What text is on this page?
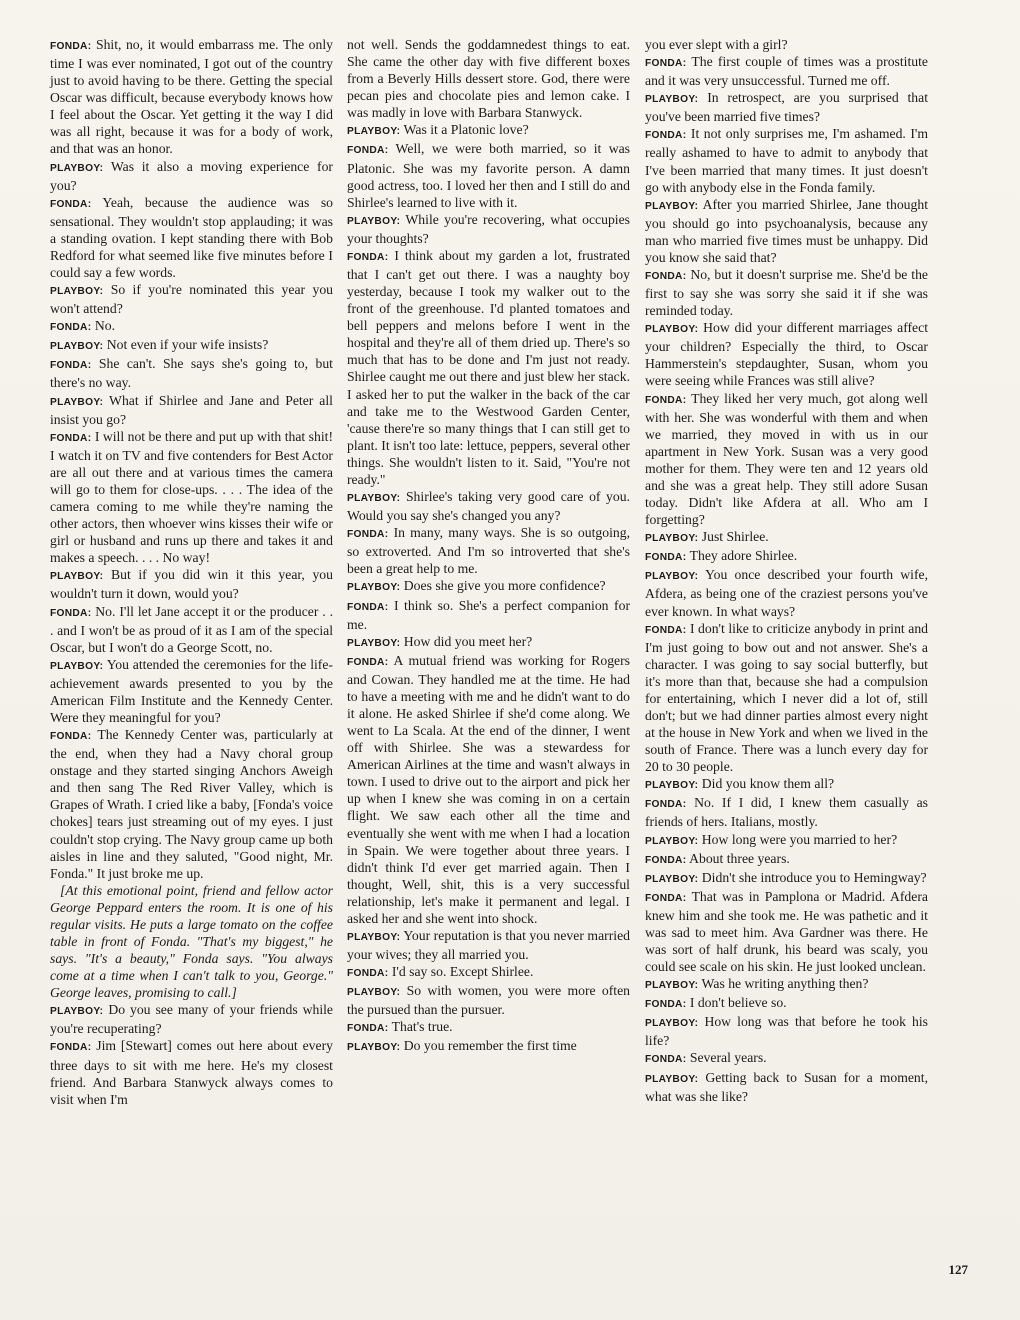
FONDA: Shit, no, it would embarrass me. The only time I was ever nominated, I got out of the country just to avoid having to be there. Getting the special Oscar was difficult, because everybody knows how I feel about the Oscar. Yet getting it the way I did was all right, because it was for a body of work, and that was an honor.

PLAYBOY: Was it also a moving experience for you?

FONDA: Yeah, because the audience was so sensational. They wouldn't stop applauding; it was a standing ovation. I kept standing there with Bob Redford for what seemed like five minutes before I could say a few words.

PLAYBOY: So if you're nominated this year you won't attend?

FONDA: No.

PLAYBOY: Not even if your wife insists?

FONDA: She can't. She says she's going to, but there's no way.

PLAYBOY: What if Shirlee and Jane and Peter all insist you go?

FONDA: I will not be there and put up with that shit! I watch it on TV and five contenders for Best Actor are all out there and at various times the camera will go to them for close-ups. . . . The idea of the camera coming to me while they're naming the other actors, then whoever wins kisses their wife or girl or husband and runs up there and takes it and makes a speech. . . . No way!

PLAYBOY: But if you did win it this year, you wouldn't turn it down, would you?

FONDA: No. I'll let Jane accept it or the producer . . . and I won't be as proud of it as I am of the special Oscar, but I won't do a George Scott, no.

PLAYBOY: You attended the ceremonies for the life-achievement awards presented to you by the American Film Institute and the Kennedy Center. Were they meaningful for you?

FONDA: The Kennedy Center was, particularly at the end, when they had a Navy choral group onstage and they started singing Anchors Aweigh and then sang The Red River Valley, which is Grapes of Wrath. I cried like a baby, [Fonda's voice chokes] tears just streaming out of my eyes. I just couldn't stop crying. The Navy group came up both aisles in line and they saluted, "Good night, Mr. Fonda." It just broke me up.

[At this emotional point, friend and fellow actor George Peppard enters the room. It is one of his regular visits. He puts a large tomato on the coffee table in front of Fonda. "That's my biggest," he says. "It's a beauty," Fonda says. "You always come at a time when I can't talk to you, George." George leaves, promising to call.]

PLAYBOY: Do you see many of your friends while you're recuperating?

FONDA: Jim [Stewart] comes out here about every three days to sit with me here. He's my closest friend. And Barbara Stanwyck always comes to visit when I'm

not well. Sends the goddamnedest things to eat. She came the other day with five different boxes from a Beverly Hills dessert store. God, there were pecan pies and chocolate pies and lemon cake. I was madly in love with Barbara Stanwyck.

PLAYBOY: Was it a Platonic love?

FONDA: Well, we were both married, so it was Platonic. She was my favorite person. A damn good actress, too. I loved her then and I still do and Shirlee's learned to live with it.

PLAYBOY: While you're recovering, what occupies your thoughts?

FONDA: I think about my garden a lot, frustrated that I can't get out there. I was a naughty boy yesterday, because I took my walker out to the front of the greenhouse. I'd planted tomatoes and bell peppers and melons before I went in the hospital and they're all of them dried up. There's so much that has to be done and I'm just not ready. Shirlee caught me out there and just blew her stack. I asked her to put the walker in the back of the car and take me to the Westwood Garden Center, 'cause there're so many things that I can still get to plant. It isn't too late: lettuce, peppers, several other things. She wouldn't listen to it. Said, "You're not ready."

PLAYBOY: Shirlee's taking very good care of you. Would you say she's changed you any?

FONDA: In many, many ways. She is so outgoing, so extroverted. And I'm so introverted that she's been a great help to me.

PLAYBOY: Does she give you more confidence?

FONDA: I think so. She's a perfect companion for me.

PLAYBOY: How did you meet her?

FONDA: A mutual friend was working for Rogers and Cowan. They handled me at the time. He had to have a meeting with me and he didn't want to do it alone. He asked Shirlee if she'd come along. We went to La Scala. At the end of the dinner, I went off with Shirlee. She was a stewardess for American Airlines at the time and wasn't always in town. I used to drive out to the airport and pick her up when I knew she was coming in on a certain flight. We saw each other all the time and eventually she went with me when I had a location in Spain. We were together about three years. I didn't think I'd ever get married again. Then I thought, Well, shit, this is a very successful relationship, let's make it permanent and legal. I asked her and she went into shock.

PLAYBOY: Your reputation is that you never married your wives; they all married you.

FONDA: I'd say so. Except Shirlee.

PLAYBOY: So with women, you were more often the pursued than the pursuer.

FONDA: That's true.

PLAYBOY: Do you remember the first time

you ever slept with a girl?

FONDA: The first couple of times was a prostitute and it was very unsuccessful. Turned me off.

PLAYBOY: In retrospect, are you surprised that you've been married five times?

FONDA: It not only surprises me, I'm ashamed. I'm really ashamed to have to admit to anybody that I've been married that many times. It just doesn't go with anybody else in the Fonda family.

PLAYBOY: After you married Shirlee, Jane thought you should go into psychoanalysis, because any man who married five times must be unhappy. Did you know she said that?

FONDA: No, but it doesn't surprise me. She'd be the first to say she was sorry she said it if she was reminded today.

PLAYBOY: How did your different marriages affect your children? Especially the third, to Oscar Hammerstein's stepdaughter, Susan, whom you were seeing while Frances was still alive?

FONDA: They liked her very much, got along well with her. She was wonderful with them and when we married, they moved in with us in our apartment in New York. Susan was a very good mother for them. They were ten and 12 years old and she was a great help. They still adore Susan today. Didn't like Afdera at all. Who am I forgetting?

PLAYBOY: Just Shirlee.

FONDA: They adore Shirlee.

PLAYBOY: You once described your fourth wife, Afdera, as being one of the craziest persons you've ever known. In what ways?

FONDA: I don't like to criticize anybody in print and I'm just going to bow out and not answer. She's a character. I was going to say social butterfly, but it's more than that, because she had a compulsion for entertaining, which I never did a lot of, still don't; but we had dinner parties almost every night at the house in New York and when we lived in the south of France. There was a lunch every day for 20 to 30 people.

PLAYBOY: Did you know them all?

FONDA: No. If I did, I knew them casually as friends of hers. Italians, mostly.

PLAYBOY: How long were you married to her?

FONDA: About three years.

PLAYBOY: Didn't she introduce you to Hemingway?

FONDA: That was in Pamplona or Madrid. Afdera knew him and she took me. He was pathetic and it was sad to meet him. Ava Gardner was there. He was sort of half drunk, his beard was scaly, you could see scale on his skin. He just looked unclean.

PLAYBOY: Was he writing anything then?

FONDA: I don't believe so.

PLAYBOY: How long was that before he took his life?

FONDA: Several years.

PLAYBOY: Getting back to Susan for a moment, what was she like?

127
